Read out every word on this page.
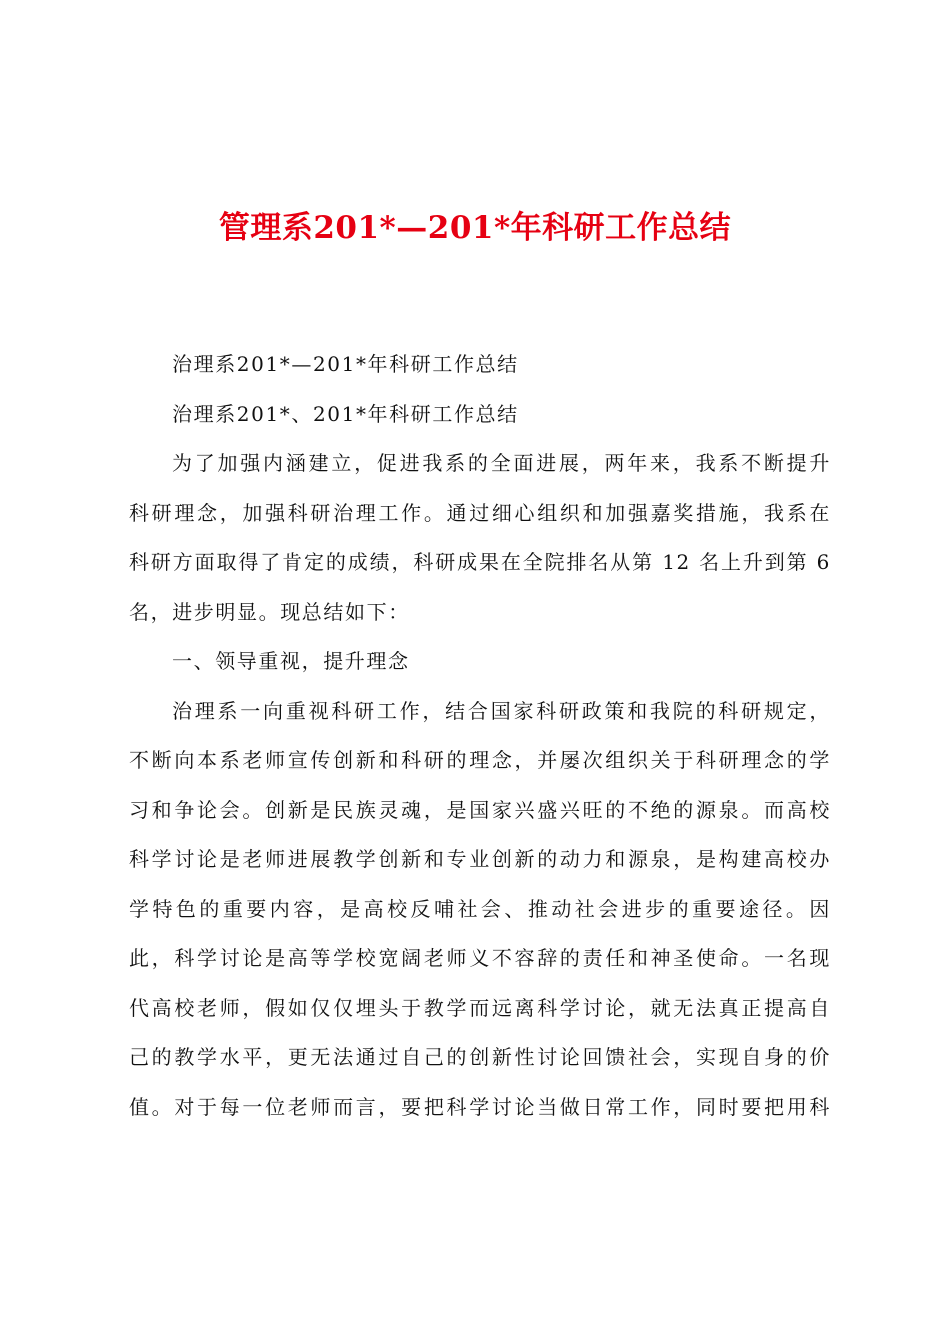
管理系201*—201*年科研工作总结
治理系201*—201*年科研工作总结
治理系201*、201*年科研工作总结
为了加强内涵建立，促进我系的全面进展，两年来，我系不断提升
科研理念，加强科研治理工作。通过细心组织和加强嘉奖措施，我系在
科研方面取得了肯定的成绩，科研成果在全院排名从第 12 名上升到第 6
名，进步明显。现总结如下：
一、领导重视，提升理念
治理系一向重视科研工作，结合国家科研政策和我院的科研规定，
不断向本系老师宣传创新和科研的理念，并屡次组织关于科研理念的学
习和争论会。创新是民族灵魂，是国家兴盛兴旺的不绝的源泉。而高校
科学讨论是老师进展教学创新和专业创新的动力和源泉，是构建高校办
学特色的重要内容，是高校反哺社会、推动社会进步的重要途径。因
此，科学讨论是高等学校宽阔老师义不容辞的责任和神圣使命。一名现
代高校老师，假如仅仅埋头于教学而远离科学讨论，就无法真正提高自
己的教学水平，更无法通过自己的创新性讨论回馈社会，实现自身的价
值。对于每一位老师而言，要把科学讨论当做日常工作，同时要把用科
